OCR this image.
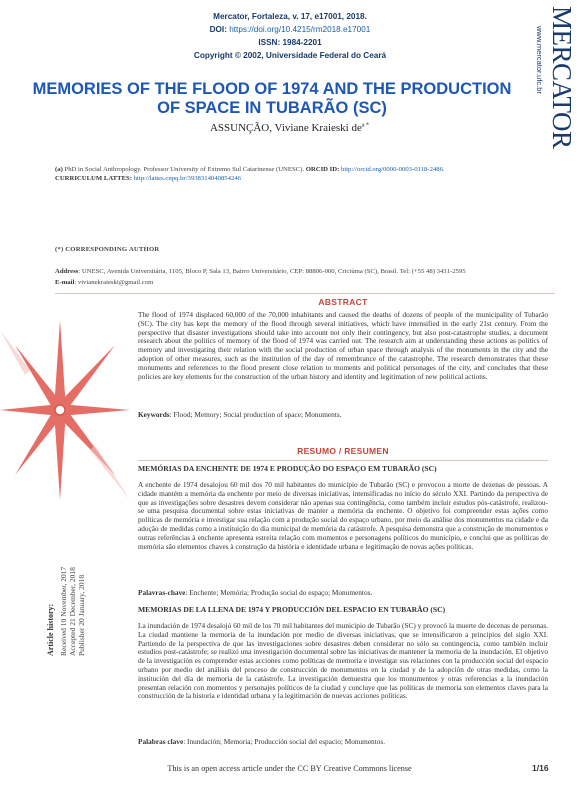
Mercator, Fortaleza, v. 17, e17001, 2018.
DOI: https://doi.org/10.4215/rm2018.e17001
ISSN: 1984-2201
Copyright © 2002, Universidade Federal do Ceará	www.mercator.ufc.br MERCATOR
MEMORIES OF THE FLOOD OF 1974 AND THE PRODUCTION OF SPACE IN TUBARÃO (SC)
ASSUNÇÃO, Viviane Kraieski $de^{a *}$
(a) PhD in Social Anthropology. Professor University of Extremo Sul Catarinense (UNESC). ORCID ID: http://orcid.org/0000-0003-0118-2486.
CURRICULUM LATTES: http://lattes.cnpq.br/3938314040854246
(*) CORRESPONDING AUTHOR
Address: UNESC, Avenida Universitária, 1105, Bloco P, Sala 13, Bairro Universitário, CEP: 88806-000, Criciúma (SC), Brasil. Tel: (+55 48) 3431-2595
E-mail: vivianekraieski@gmail.com
ABSTRACT
The flood of 1974 displaced 60,000 of the 70,000 inhabitants and caused the deaths of dozens of people of the municipality of Tubarão (SC). The city has kept the memory of the flood through several initiatives, which have intensified in the early 21st century. From the perspective that disaster investigations should take into account not only their contingency, but also post-catastrophe studies, a document research about the politics of memory of the flood of 1974 was carried out. The research aim at understanding these actions as politics of memory and investigating their relation with the social production of urban space through analysis of the monuments in the city and the adoption of other measures, such as the institution of the day of remembrance of the catastrophe. The research demonstrates that these monuments and references to the flood present close relation to moments and political personages of the city, and concludes that these policies are key elements for the construction of the urban history and identity and legitimation of new political actions.
Keywords: Flood; Memory; Social production of space; Monuments.
RESUMO / RESUMEN
MEMÓRIAS DA ENCHENTE DE 1974 E PRODUÇÃO DO ESPAÇO EM TUBARÃO (SC)
A enchente de 1974 desalojou 60 mil dos 70 mil habitantes do município de Tubarão (SC) e provocou a morte de dezenas de pessoas. A cidade mantém a memória da enchente por meio de diversas iniciativas, intensificadas no início do século XXI. Partindo da perspectiva de que as investigações sobre desastres devem considerar não apenas sua contingência, como também incluir estudos pós-catástrofe, realizou-se uma pesquisa documental sobre estas iniciativas de manter a memória da enchente. O objetivo foi compreender estas ações como políticas de memória e investigar sua relação com a produção social do espaço urbano, por meio da análise dos monumentos na cidade e da adoção de medidas como a instituição do dia municipal de memória da catástrofe. A pesquisa demonstra que a construção de monumentos e outras referências à enchente apresenta estreita relação com momentos e personagens políticos do município, e conclui que as políticas de memória são elementos chaves à construção da história e identidade urbana e legitimação de novas ações políticas.
Palavras-chave: Enchente; Memória; Produção social do espaço; Monumentos.
MEMORIAS DE LA LLENA DE 1974 Y PRODUCCIÓN DEL ESPACIO EN TUBARÃO (SC)
La inundación de 1974 desalojó 60 mil de los 70 mil habitantes del municipio de Tubarão (SC) y provocó la muerte de decenas de personas. La ciudad mantiene la memoria de la inundación por medio de diversas iniciativas, que se intensificaron a principios del siglo XXI. Partiendo de la perspectiva de que las investigaciones sobre desastres deben considerar no sólo su contingencia, como también incluir estudios post-catástrofe; se realizó una investigación documental sobre las iniciativas de mantener la memoria de la inundación. El objetivo de la investigación es comprender estas acciones como políticas de memoria e investigar sus relaciones con la producción social del espacio urbano por medio del análisis del proceso de construcción de monumentos en la ciudad y de la adopción de otras medidas, como la institución del día de memoria de la catástrofe. La investigación demuestra que los monumentos y otras referencias a la inundación presentan relación con momentos y personajes políticos de la ciudad y concluye que las políticas de memoria son elementos claves para la construcción de la historia e identidad urbana y la legitimación de nuevas acciones políticas.
Palabras clave: Inundación; Memoria; Producción social del espacio; Monumentos.
Article history: Received 10 November, 2017 Accepted 21 December, 2018 Publisher 20 January, 2018
This is an open access article under the CC BY Creative Commons license	1/16
